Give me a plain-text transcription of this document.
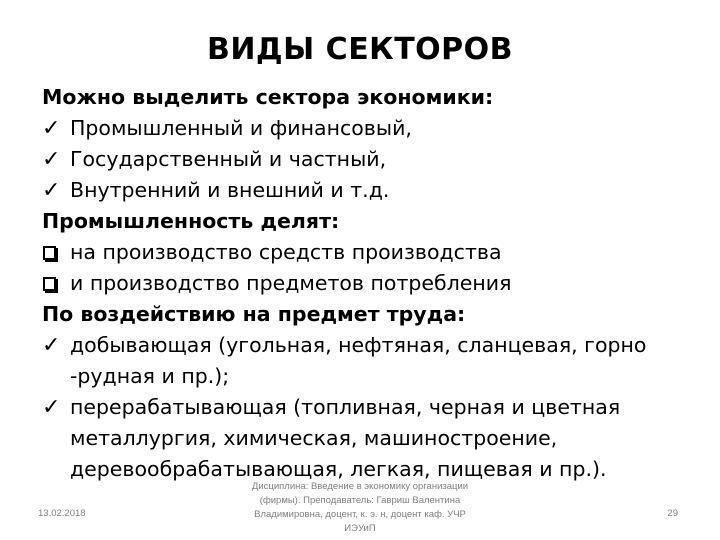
ВИДЫ СЕКТОРОВ
Можно выделить сектора экономики:
✓ Промышленный и финансовый,
✓ Государственный и частный,
✓ Внутренний и внешний и т.д.
Промышленность делят:
на производство средств производства
и производство предметов потребления
По воздействию на предмет труда:
✓ добывающая (угольная, нефтяная, сланцевая, горно -рудная и пр.);
✓ перерабатывающая (топливная, черная и цветная металлургия, химическая, машиностроение, деревообрабатывающая, легкая, пищевая и пр.).
13.02.2018
Дисциплина: Введение в экономику организации (фирмы). Преподаватель: Гавриш Валентина Владимировна, доцент, к. э. н, доцент каф. УЧР ИЭУиП
29
